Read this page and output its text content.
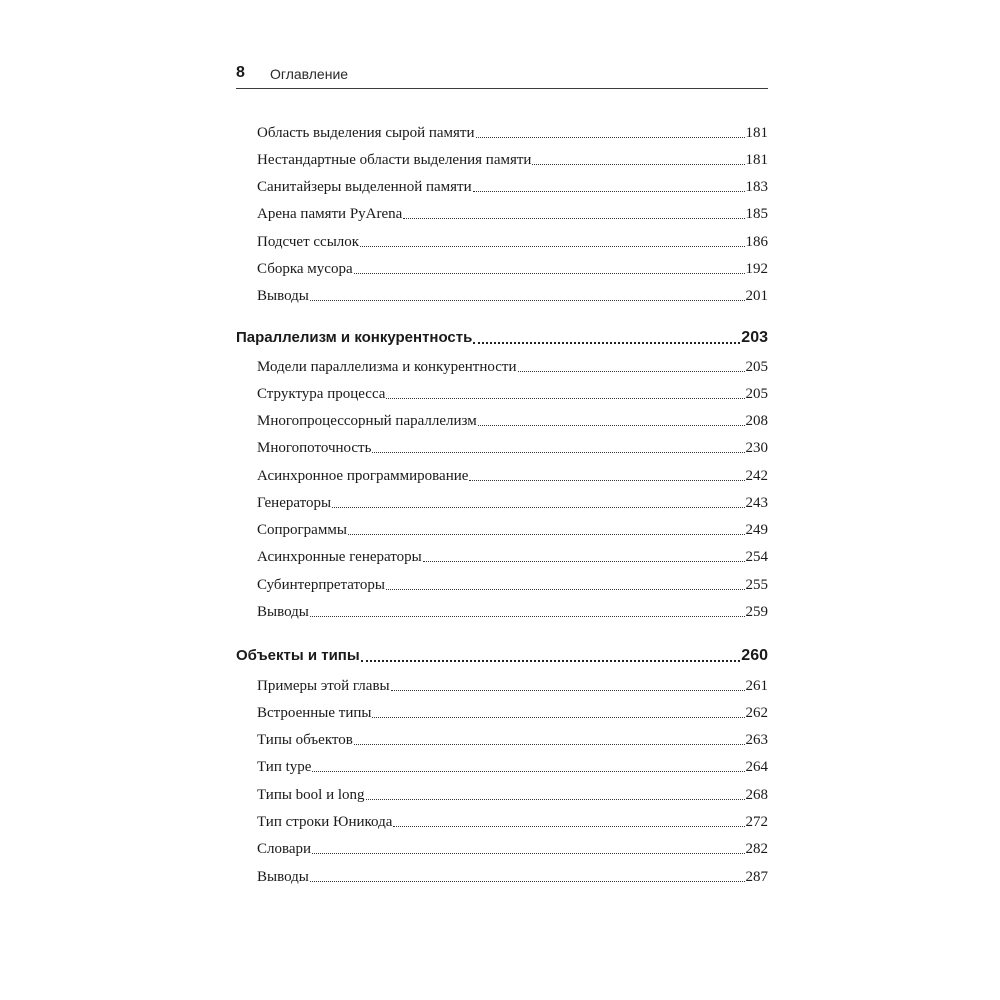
8 Оглавление
Область выделения сырой памяти	181
Нестандартные области выделения памяти	181
Санитайзеры выделенной памяти	183
Арена памяти PyArena	185
Подсчет ссылок	186
Сборка мусора	192
Выводы	201
Параллелизм и конкурентность	203
Модели параллелизма и конкурентности	205
Структура процесса	205
Многопроцессорный параллелизм	208
Многопоточность	230
Асинхронное программирование	242
Генераторы	243
Сопрограммы	249
Асинхронные генераторы	254
Субинтерпретаторы	255
Выводы	259
Объекты и типы	260
Примеры этой главы	261
Встроенные типы	262
Типы объектов	263
Тип type	264
Типы bool и long	268
Тип строки Юникода	272
Словари	282
Выводы	287
